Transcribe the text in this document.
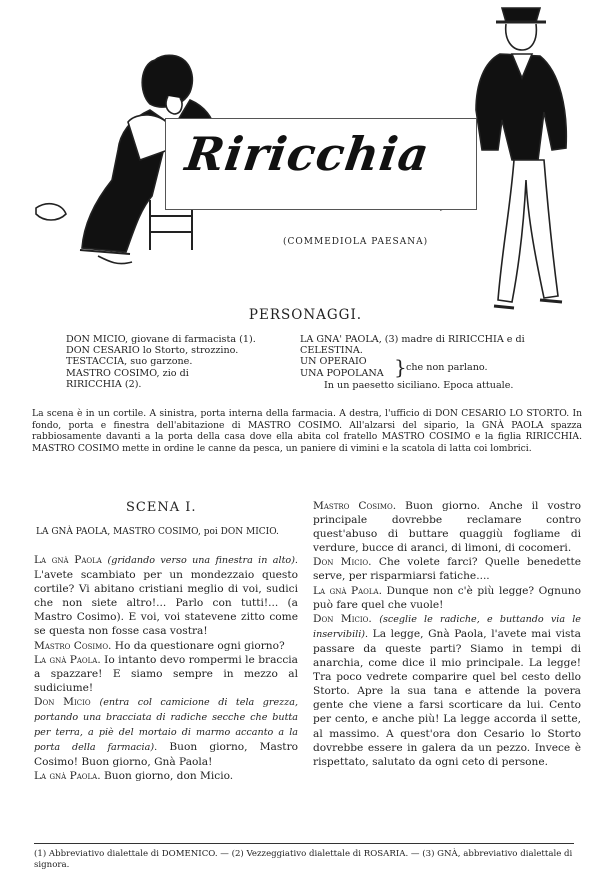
Riricchia
(COMMEDIOLA PAESANA)
PERSONAGGI.
DON MICIO, giovane di farmacista (1).
DON CESARIO lo Storto, strozzino.
TESTACCIA, suo garzone.
MASTRO COSIMO, zio di
RIRICCHIA (2).
LA GNA' PAOLA, (3) madre di RIRICCHIA e di
CELESTINA.
UN OPERAIO
UNA POPOLANA } che non parlano.
In un paesetto siciliano. Epoca attuale.
La scena è in un cortile. A sinistra, porta interna della farmacia. A destra, l'ufficio di DON CESARIO LO STORTO. In fondo, porta e finestra dell'abitazione di MASTRO COSIMO. All'alzarsi del sipario, la GNÀ PAOLA spazza rabbiosamente davanti a la porta della casa dove ella abita col fratello MASTRO COSIMO e la figlia RIRICCHIA. MASTRO COSIMO mette in ordine le canne da pesca, un paniere di vimini e la scatola di latta coi lombrici.
SCENA I.
LA GNÀ PAOLA, MASTRO COSIMO, poi DON MICIO.

La gnà Paola (gridando verso una finestra in alto). L'avete scambiato per un mondezzaio questo cortile? Vi abitano cristiani meglio di voi, sudici che non siete altro!... Parlo con tutti!... (a Mastro Cosimo). E voi, voi statevene zitto come se questa non fosse casa vostra!

Mastro Cosimo. Ho da questionare ogni giorno?

La gnà Paola. Io intanto devo rompermi le braccia a spazzare! E siamo sempre in mezzo al sudiciume!

Don Micio (entra col camicione di tela grezza, portando una bracciata di radiche secche che butta per terra, a piè del mortaio di marmo accanto a la porta della farmacia). Buon giorno, Mastro Cosimo! Buon giorno, Gnà Paola!

La gnà Paola. Buon giorno, don Micio.

Mastro Cosimo. Buon giorno. Anche il vostro principale dovrebbe reclamare contro quest'abuso di buttare quaggiù fogliame di verdure, bucce di aranci, di limoni, di cocomeri.

Don Micio. Che volete farci? Quelle benedette serve, per risparmiarsi fatiche....

La gnà Paola. Dunque non c'è più legge? Ognuno può fare quel che vuole!

Don Micio. (sceglie le radiche, e buttando via le inservibili). La legge, Gnà Paola, l'avete mai vista passare da queste parti? Siamo in tempi di anarchia, come dice il mio principale. La legge! Tra poco vedrete comparire quel bel cesto dello Storto. Apre la sua tana e attende la povera gente che viene a farsi scorticare da lui. Cento per cento, e anche più! La legge accorda il sette, al massimo. A quest'ora don Cesario lo Storto dovrebbe essere in galera da un pezzo. Invece è rispettato, salutato da ogni ceto di persone.

(1) Abbreviativo dialettale di DOMENICO. — (2) Vezzeggiativo dialettale di ROSARIA. — (3) GNÀ, abbreviativo dialettale di signora.
